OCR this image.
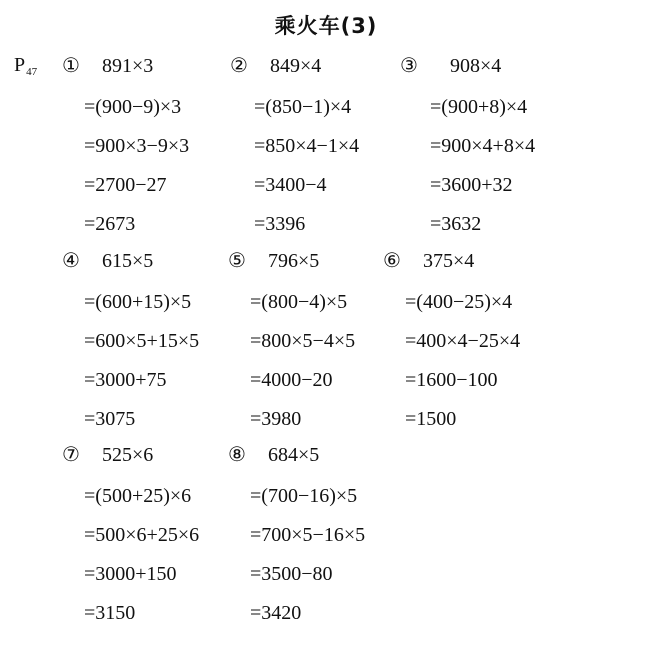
乘火车(3)
$P_{47}$ ① 891×3
=(900−9)×3
=900×3−9×3
=2700−27
=2673
② 849×4
=(850−1)×4
=850×4−1×4
=3400−4
=3396
③ 908×4
=(900+8)×4
=900×4+8×4
=3600+32
=3632
④ 615×5
=(600+15)×5
=600×5+15×5
=3000+75
=3075
⑤ 796×5
=(800−4)×5
=800×5−4×5
=4000−20
=3980
⑥ 375×4
=(400−25)×4
=400×4−25×4
=1600−100
=1500
⑦ 525×6
=(500+25)×6
=500×6+25×6
=3000+150
=3150
⑧ 684×5
=(700−16)×5
=700×5−16×5
=3500−80
=3420
